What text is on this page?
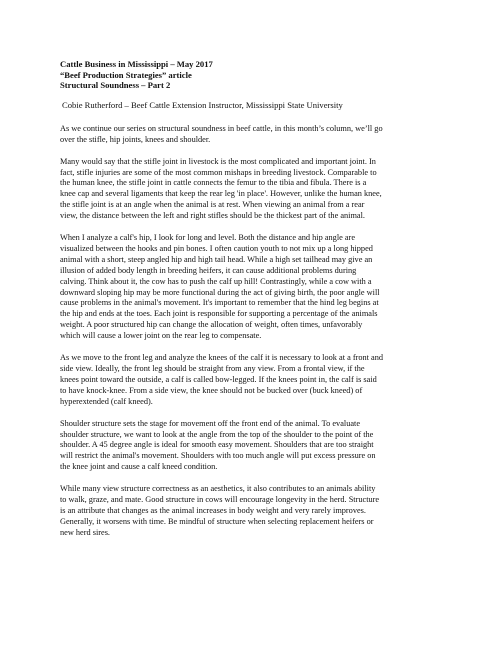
Cattle Business in Mississippi – May 2017

“Beef Production Strategies” article

Structural Soundness – Part 2

Cobie Rutherford – Beef Cattle Extension Instructor, Mississippi State University

As we continue our series on structural soundness in beef cattle, in this month’s column, we’ll go
over the stifle, hip joints, knees and shoulder.

Many would say that the stifle joint in livestock is the most complicated and important joint. In
fact, stifle injuries are some of the most common mishaps in breeding livestock. Comparable to
the human knee, the stifle joint in cattle connects the femur to the tibia and fibula. There is a
knee cap and several ligaments that keep the rear leg 'in place'. However, unlike the human knee,
the stifle joint is at an angle when the animal is at rest. When viewing an animal from a rear
view, the distance between the left and right stifles should be the thickest part of the animal.

When I analyze a calf's hip, I look for long and level. Both the distance and hip angle are
visualized between the hooks and pin bones. I often caution youth to not mix up a long hipped
animal with a short, steep angled hip and high tail head. While a high set tailhead may give an
illusion of added body length in breeding heifers, it can cause additional problems during
calving. Think about it, the cow has to push the calf up hill! Contrastingly, while a cow with a
downward sloping hip may be more functional during the act of giving birth, the poor angle will
cause problems in the animal's movement. It's important to remember that the hind leg begins at
the hip and ends at the toes. Each joint is responsible for supporting a percentage of the animals
weight. A poor structured hip can change the allocation of weight, often times, unfavorably
which will cause a lower joint on the rear leg to compensate.

As we move to the front leg and analyze the knees of the calf it is necessary to look at a front and
side view. Ideally, the front leg should be straight from any view. From a frontal view, if the
knees point toward the outside, a calf is called bow-legged. If the knees point in, the calf is said
to have knock-knee. From a side view, the knee should not be bucked over (buck kneed) of
hyperextended (calf kneed).

Shoulder structure sets the stage for movement off the front end of the animal. To evaluate
shoulder structure, we want to look at the angle from the top of the shoulder to the point of the
shoulder. A 45 degree angle is ideal for smooth easy movement. Shoulders that are too straight
will restrict the animal's movement. Shoulders with too much angle will put excess pressure on
the knee joint and cause a calf kneed condition.

While many view structure correctness as an aesthetics, it also contributes to an animals ability
to walk, graze, and mate. Good structure in cows will encourage longevity in the herd. Structure
is an attribute that changes as the animal increases in body weight and very rarely improves.
Generally, it worsens with time. Be mindful of structure when selecting replacement heifers or
new herd sires.
